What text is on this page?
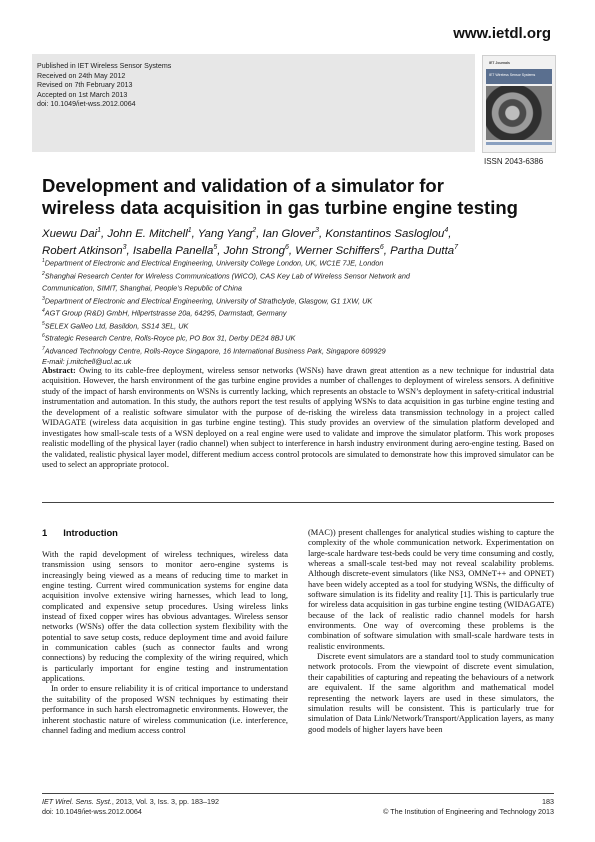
www.ietdl.org
Published in IET Wireless Sensor Systems
Received on 24th May 2012
Revised on 7th February 2013
Accepted on 1st March 2013
doi: 10.1049/iet-wss.2012.0064
IET Journals
IET Wireless Sensor Systems
ISSN 2043-6386
Development and validation of a simulator for
wireless data acquisition in gas turbine engine testing
Xuewu Dai$^1$, John E. Mitchell$^1$, Yang Yang$^2$, Ian Glover$^3$, Konstantinos Sasloglou$^4$,
Robert Atkinson$^3$, Isabella Panella$^5$, John Strong$^6$, Werner Schiffers$^6$, Partha Dutta$^7$
$^1$Department of Electronic and Electrical Engineering, University College London, UK, WC1E 7JE, London
$^2$Shanghai Research Center for Wireless Communications (WiCO), CAS Key Lab of Wireless Sensor Network and
Communication, SIMIT, Shanghai, People’s Republic of China
$^3$Department of Electronic and Electrical Engineering, University of Strathclyde, Glasgow, G1 1XW, UK
$^4$AGT Group (R&D) GmbH, Hilpertstrasse 20a, 64295, Darmstadt, Germany
$^5$SELEX Galileo Ltd, Basildon, SS14 3EL, UK
$^6$Strategic Research Centre, Rolls-Royce plc, PO Box 31, Derby DE24 8BJ UK
$^7$Advanced Technology Centre, Rolls-Royce Singapore, 16 International Business Park, Singapore 609929
E-mail: j.mitchell@ucl.ac.uk
Abstract: Owing to its cable-free deployment, wireless sensor networks (WSNs) have drawn great attention as a new technique for industrial data acquisition. However, the harsh environment of the gas turbine engine provides a number of challenges to deployment of wireless sensors. A definitive study of the impact of harsh environments on WSNs is currently lacking, which represents an obstacle to WSN’s deployment in safety-critical industrial instrumentation and automation. In this study, the authors report the test results of applying WSNs to data acquisition in gas turbine engine testing and the development of a realistic software simulator with the purpose of de-risking the wireless data transmission technology in a project called WIDAGATE (wireless data acquisition in gas turbine engine testing). This study provides an overview of the simulation platform developed and investigates how small-scale tests of a WSN deployed on a real engine were used to validate and improve the simulator platform. This work proposes realistic modelling of the physical layer (radio channel) when subject to interference in harsh industry environment during aero-engine testing. Based on the validated, realistic physical layer model, different medium access control protocols are simulated to demonstrate how this improved simulator can be used to select an appropriate protocol.
1 Introduction

With the rapid development of wireless techniques, wireless data transmission using sensors to monitor aero-engine systems is increasingly being viewed as a means of reducing time to market in engine testing. Current wired communication systems for engine data acquisition involve extensive wiring harnesses, which lead to long, complicated and expensive setup procedures. Using wireless links instead of fixed copper wires has obvious advantages. Wireless sensor networks (WSNs) offer the data collection system flexibility with the potential to save setup costs, reduce deployment time and avoid failure in communication cables (such as connector faults and wrong connections) by reducing the complexity of the wiring required, which is particularly important for engine testing and instrumentation applications.

In order to ensure reliability it is of critical importance to understand the suitability of the proposed WSN techniques by estimating their performance in such harsh electromagnetic environments. However, the inherent stochastic nature of wireless communication (i.e. interference, channel fading and medium access control

(MAC)) present challenges for analytical studies wishing to capture the complexity of the whole communication network. Experimentation on large-scale hardware test-beds could be very time consuming and costly, whereas a small-scale test-bed may not reveal scalability problems. Although discrete-event simulators (like NS3, OMNeT++ and OPNET) have been widely accepted as a tool for studying WSNs, the difficulty of software simulation is its fidelity and reality [1]. This is particularly true for wireless data acquisition in gas turbine engine testing (WIDAGATE) because of the lack of realistic radio channel models for harsh environments. One way of overcoming these problems is the combination of software simulation with small-scale hardware tests in realistic environments.

Discrete event simulators are a standard tool to study communication network protocols. From the viewpoint of discrete event simulation, their capabilities of capturing and repeating the behaviours of a network are equivalent. If the same algorithm and mathematical model representing the network layers are used in these simulators, the simulation results will be consistent. This is particularly true for simulation of Data Link/Network/Transport/Application layers, as many good models of higher layers have been

IET Wirel. Sens. Syst., 2013, Vol. 3, Iss. 3, pp. 183–192
doi: 10.1049/iet-wss.2012.0064
183
© The Institution of Engineering and Technology 2013
